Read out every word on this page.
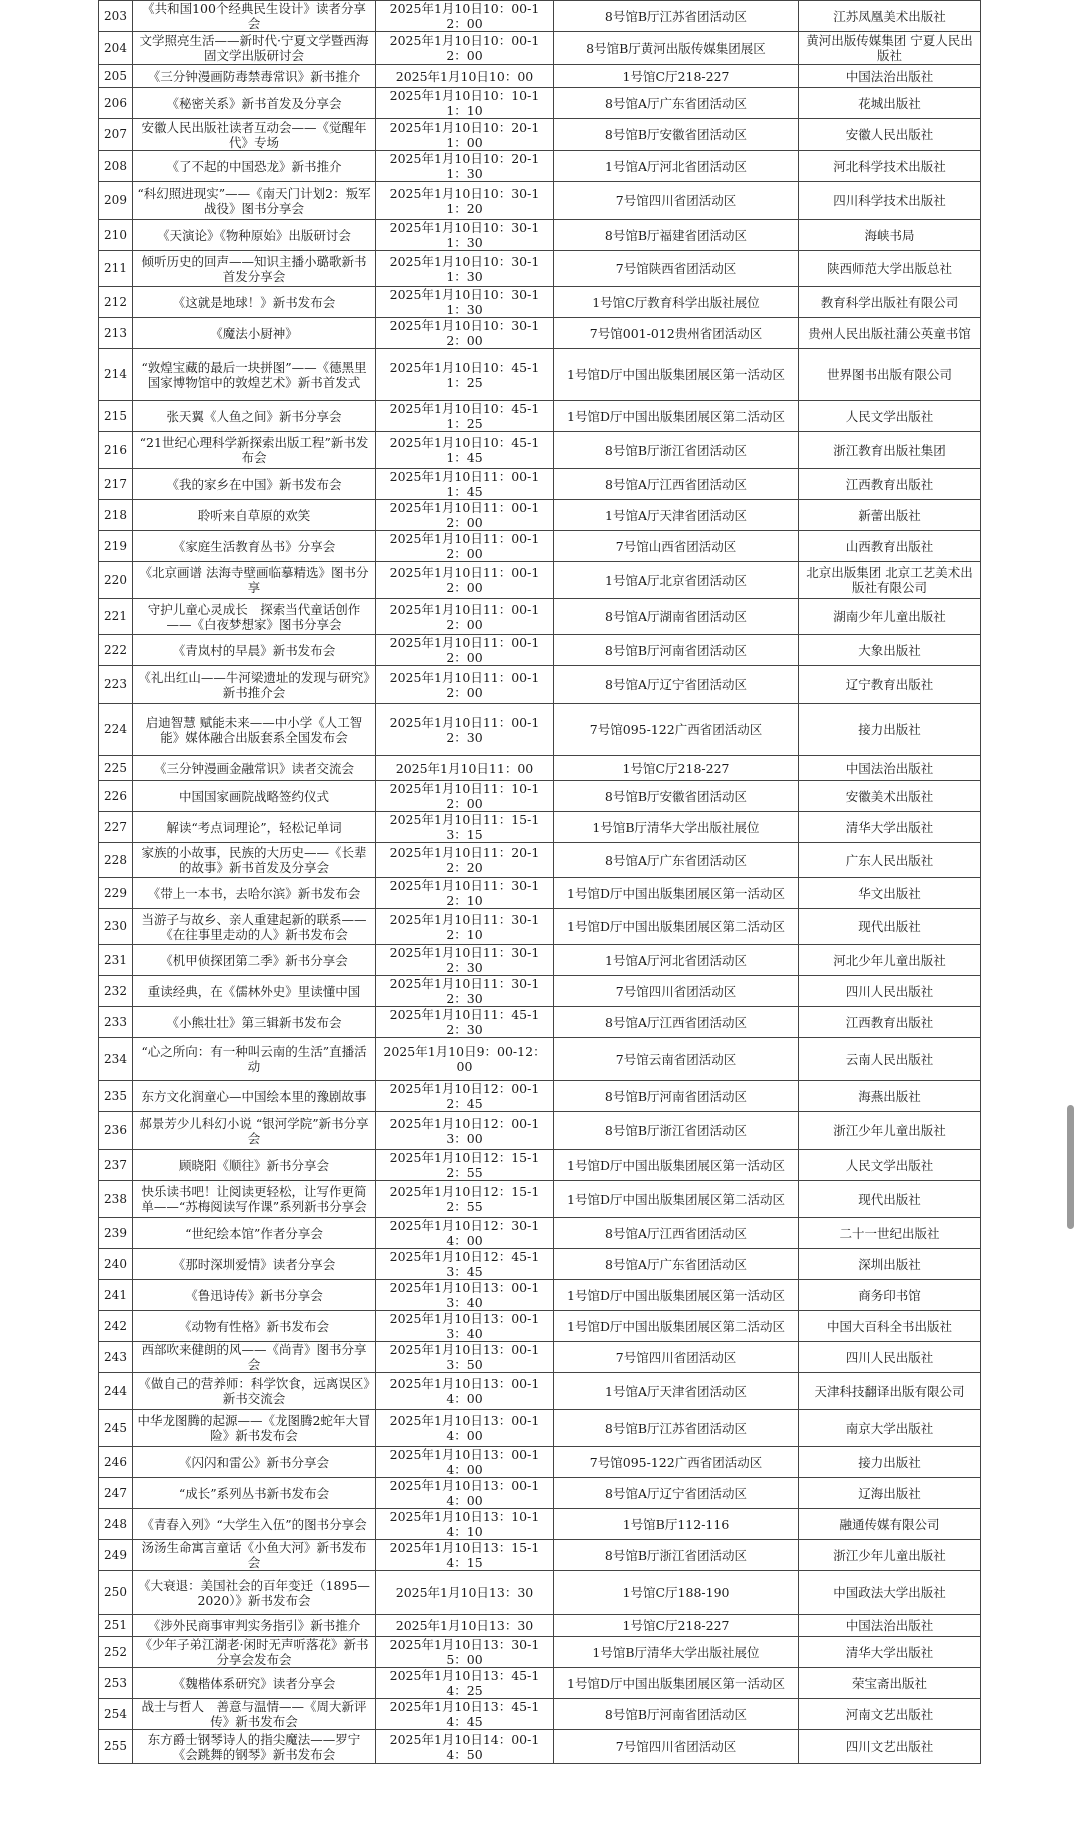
203	《共和国100个经典民生设计》读者分享会	2025年1月10日10：00-12：00	8号馆B厅江苏省团活动区	江苏凤凰美术出版社
204	文学照亮生活——新时代·宁夏文学暨西海固文学出版研讨会	2025年1月10日10：00-12：00	8号馆B厅黄河出版传媒集团展区	黄河出版传媒集团 宁夏人民出版社
205	《三分钟漫画防毒禁毒常识》新书推介	2025年1月10日10：00	1号馆C厅218-227	中国法治出版社
206	《秘密关系》新书首发及分享会	2025年1月10日10：10-11：10	8号馆A厅广东省团活动区	花城出版社
207	安徽人民出版社读者互动会——《觉醒年代》专场	2025年1月10日10：20-11：00	8号馆B厅安徽省团活动区	安徽人民出版社
208	《了不起的中国恐龙》新书推介	2025年1月10日10：20-11：30	1号馆A厅河北省团活动区	河北科学技术出版社
209	“科幻照进现实”——《南天门计划2：叛军战役》图书分享会	2025年1月10日10：30-11：20	7号馆四川省团活动区	四川科学技术出版社
210	《天演论》《物种原始》出版研讨会	2025年1月10日10：30-11：30	8号馆B厅福建省团活动区	海峡书局
211	倾听历史的回声——知识主播小璐歌新书首发分享会	2025年1月10日10：30-11：30	7号馆陕西省团活动区	陕西师范大学出版总社
212	《这就是地球！》新书发布会	2025年1月10日10：30-11：30	1号馆C厅教育科学出版社展位	教育科学出版社有限公司
213	《魔法小厨神》	2025年1月10日10：30-12：00	7号馆001-012贵州省团活动区	贵州人民出版社蒲公英童书馆
214	“敦煌宝藏的最后一块拼图”——《德黑里国家博物馆中的敦煌艺术》新书首发式	2025年1月10日10：45-11：25	1号馆D厅中国出版集团展区第一活动区	世界图书出版有限公司
215	张天翼《人鱼之间》新书分享会	2025年1月10日10：45-11：25	1号馆D厅中国出版集团展区第二活动区	人民文学出版社
216	“21世纪心理科学新探索出版工程”新书发布会	2025年1月10日10：45-11：45	8号馆B厅浙江省团活动区	浙江教育出版社集团
217	《我的家乡在中国》新书发布会	2025年1月10日11：00-11：45	8号馆A厅江西省团活动区	江西教育出版社
218	聆听来自草原的欢笑	2025年1月10日11：00-12：00	1号馆A厅天津省团活动区	新蕾出版社
219	《家庭生活教育丛书》分享会	2025年1月10日11：00-12：00	7号馆山西省团活动区	山西教育出版社
220	《北京画谱 法海寺壁画临摹精选》图书分享	2025年1月10日11：00-12：00	1号馆A厅北京省团活动区	北京出版集团 北京工艺美术出版社有限公司
221	守护儿童心灵成长　探索当代童话创作——《白夜梦想家》图书分享会	2025年1月10日11：00-12：00	8号馆A厅湖南省团活动区	湖南少年儿童出版社
222	《青岚村的早晨》新书发布会	2025年1月10日11：00-12：00	8号馆B厅河南省团活动区	大象出版社
223	《礼出红山——牛河梁遗址的发现与研究》新书推介会	2025年1月10日11：00-12：00	8号馆A厅辽宁省团活动区	辽宁教育出版社
224	启迪智慧 赋能未来——中小学《人工智能》媒体融合出版套系全国发布会	2025年1月10日11：00-12：30	7号馆095-122广西省团活动区	接力出版社
225	《三分钟漫画金融常识》读者交流会	2025年1月10日11：00	1号馆C厅218-227	中国法治出版社
226	中国国家画院战略签约仪式	2025年1月10日11：10-12：00	8号馆B厅安徽省团活动区	安徽美术出版社
227	解读“考点词理论”，轻松记单词	2025年1月10日11：15-13：15	1号馆B厅清华大学出版社展位	清华大学出版社
228	家族的小故事，民族的大历史——《长辈的故事》新书首发及分享会	2025年1月10日11：20-12：20	8号馆A厅广东省团活动区	广东人民出版社
229	《带上一本书，去哈尔滨》新书发布会	2025年1月10日11：30-12：10	1号馆D厅中国出版集团展区第一活动区	华文出版社
230	当游子与故乡、亲人重建起新的联系——《在往事里走动的人》新书发布会	2025年1月10日11：30-12：10	1号馆D厅中国出版集团展区第二活动区	现代出版社
231	《机甲侦探团第二季》新书分享会	2025年1月10日11：30-12：30	1号馆A厅河北省团活动区	河北少年儿童出版社
232	重读经典，在《儒林外史》里读懂中国	2025年1月10日11：30-12：30	7号馆四川省团活动区	四川人民出版社
233	《小熊壮壮》第三辑新书发布会	2025年1月10日11：45-12：30	8号馆A厅江西省团活动区	江西教育出版社
234	“心之所向：有一种叫云南的生活”直播活动	2025年1月10日9：00-12：00	7号馆云南省团活动区	云南人民出版社
235	东方文化润童心—中国绘本里的豫剧故事	2025年1月10日12：00-12：45	8号馆B厅河南省团活动区	海燕出版社
236	郝景芳少儿科幻小说 “银河学院”新书分享会	2025年1月10日12：00-13：00	8号馆B厅浙江省团活动区	浙江少年儿童出版社
237	顾晓阳《顺往》新书分享会	2025年1月10日12：15-12：55	1号馆D厅中国出版集团展区第一活动区	人民文学出版社
238	快乐读书吧！让阅读更轻松，让写作更简单——“苏梅阅读写作课”系列新书分享会	2025年1月10日12：15-12：55	1号馆D厅中国出版集团展区第二活动区	现代出版社
239	“世纪绘本馆”作者分享会	2025年1月10日12：30-14：00	8号馆A厅江西省团活动区	二十一世纪出版社
240	《那时深圳爱情》读者分享会	2025年1月10日12：45-13：45	8号馆A厅广东省团活动区	深圳出版社
241	《鲁迅诗传》新书分享会	2025年1月10日13：00-13：40	1号馆D厅中国出版集团展区第一活动区	商务印书馆
242	《动物有性格》新书发布会	2025年1月10日13：00-13：40	1号馆D厅中国出版集团展区第二活动区	中国大百科全书出版社
243	西部吹来健朗的风——《尚青》图书分享会	2025年1月10日13：00-13：50	7号馆四川省团活动区	四川人民出版社
244	《做自己的营养师：科学饮食，远离误区》新书交流会	2025年1月10日13：00-14：00	1号馆A厅天津省团活动区	天津科技翻译出版有限公司
245	中华龙图腾的起源——《龙图腾2蛇年大冒险》新书发布会	2025年1月10日13：00-14：00	8号馆B厅江苏省团活动区	南京大学出版社
246	《闪闪和雷公》新书分享会	2025年1月10日13：00-14：00	7号馆095-122广西省团活动区	接力出版社
247	“成长”系列丛书新书发布会	2025年1月10日13：00-14：00	8号馆A厅辽宁省团活动区	辽海出版社
248	《青春入列》“大学生入伍”的图书分享会	2025年1月10日13：10-14：10	1号馆B厅112-116	融通传媒有限公司
249	汤汤生命寓言童话《小鱼大河》新书发布会	2025年1月10日13：15-14：15	8号馆B厅浙江省团活动区	浙江少年儿童出版社
250	《大衰退：美国社会的百年变迁（1895—2020）》新书发布会	2025年1月10日13：30	1号馆C厅188-190	中国政法大学出版社
251	《涉外民商事审判实务指引》新书推介	2025年1月10日13：30	1号馆C厅218-227	中国法治出版社
252	《少年子弟江湖老·闲时无声听落花》新书分享会发布会	2025年1月10日13：30-15：00	1号馆B厅清华大学出版社展位	清华大学出版社
253	《魏楷体系研究》读者分享会	2025年1月10日13：45-14：25	1号馆D厅中国出版集团展区第一活动区	荣宝斋出版社
254	战士与哲人　善意与温情——《周大新评传》新书发布会	2025年1月10日13：45-14：45	8号馆B厅河南省团活动区	河南文艺出版社
255	东方爵士钢琴诗人的指尖魔法——罗宁《会跳舞的钢琴》新书发布会	2025年1月10日14：00-14：50	7号馆四川省团活动区	四川文艺出版社
